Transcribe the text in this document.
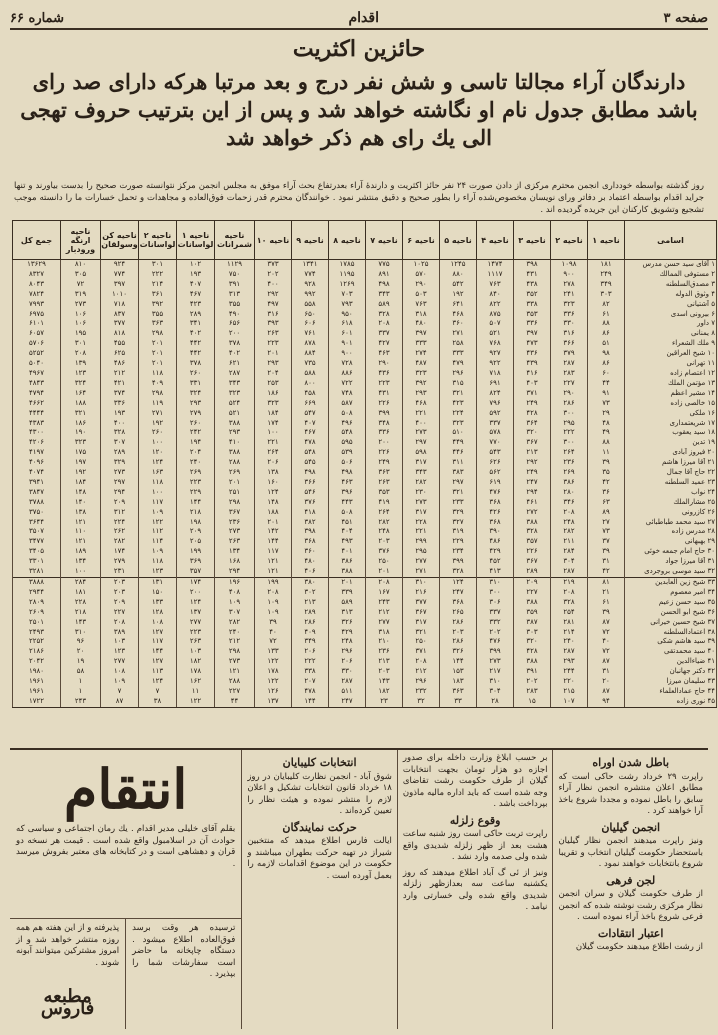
صفحه ۳
اقدام
شماره ۶۶
حائزین اکثریت
دارندگان آراء مجالتا تاسی و شش نفر درج و بعد مرتبا هرکه دارای صد رای باشد مطابق جدول نام او نگاشته خواهد شد و پس از این بترتیب حروف تهجی الی یك رای هم ذکر خواهد شد
روز گذشته بواسطه خودداری انجمن محترم مرکزی از دادن صورت ۲۴ نفر حائز اکثریت و دارندهٔ آراء بعدرتفاع بحث آراء موفق به مجلس انجمن مرکز نتوانسته صورت صحیح را بدست بیاورند و تنها جراید اقدام بواسطه اعتماد بر دفاتر ورای نویسان مخصوص‌شده آراء را بطور صحیح و دقیق منتشر نمود . خوانندگان محترم قدر زحمات فوق‌العاده و مجاهدات و تحمل خسارات ما را دانسته موجب تشجیع وتشویق کارکنان این جریده گردیده اند .
اسامی	ناحیه ۱	ناحیه ۲	ناحیه ۳	ناحیه ۴	ناحیه ۵	ناحیه ۶	ناحیه ۷	ناحیه ۸	ناحیه ۹	ناحیه ۱۰	ناحیه شمرانات	ناحیه ۱ لواسانات	ناحیه ۲ لواسانات	ناحیه کن وسولقان	ناحیه ارنگه ورودبار	جمع کل
۱ آقای سید حسن مدرس	۱۸۱	۱۰۹۸	۳۹۸	۱۴۷۴	۱۲۴۵	۱۰۲۵	۷۷۵	۱۷۸۵	۱۳۴۱	۳۷۳	۱۱۲۹	۱۰۲	۳۰۱	۹۲۴	۸۱۰	۱۳۶۲۹
۲ مستوفی الممالك	۲۴۹	۹۰۰	۴۳۱	۱۱۱۷	۸۸۰	۵۷۰	۸۹۱	۱۱۹۵	۷۷۴	۲۰۲	۷۵۰	۱۹۳	۲۲۲	۷۷۴	۳۰۵	۸۳۲۷
۳ مصدق‌السلطنه	۳۴۹	۲۷۸	۴۳۸	۷۶۳	۵۴۲	۲۹۰	۴۹۸	۱۲۶۹	۹۲۸	۴۰۰	۳۹۱	۴۰۷	۲۱۴	۳۹۷	۷۲	۸۰۴۳
۴ وثوق الدوله	۳۰۳	۲۴۱	۳۵۲	۸۴۰	۱۹۲	۵۰۳	۳۴۳	۷۰۳	۹۹۲	۲۹۲	۳۱۳	۴۶۷	۳۶۱	۱۰۱۰	۳۱۹	۷۸۲۴
۵ آشتیانی	۸۲	۳۲۳	۳۳۸	۸۲۲	۶۴۱	۷۶۳	۵۸۹	۷۹۳	۵۵۸	۴۹۷	۳۵۵	۴۲۳	۳۹۲	۷۱۸	۲۷۳	۷۹۹۳
۶ بیرونی اسدی	۶۱	۳۳۶	۳۵۳	۸۷۵	۴۶۸	۳۱۸	۳۲۸	۹۵۰	۶۵۰	۳۱۶	۴۹۰	۲۸۹	۳۵۵	۸۳۷	۱۰۶	۶۹۷۵
۷ داور	۸۸	۳۳۰	۳۳۶	۵۰۷	۳۶۰	۴۸۰	۲۰۸	۶۱۸	۶۰۶	۳۹۳	۶۵۶	۳۴۱	۳۶۳	۳۷۷	۱۰۶	۶۱۰۱
۸ یمنانی	۸۶	۳۱۶	۳۹۷	۵۲۱	۲۷۱	۳۹۷	۳۳۷	۶۰۱	۷۶۱	۲۶۳	۲۰۰	۴۰۲	۲۹۸	۸۱۸	۱۹۵	۶۰۵۷
۹ ملك الشعراء	۵۱	۳۶۶	۴۷۳	۷۶۸	۲۵۸	۳۳۳	۴۲۷	۹۰۱	۸۷۸	۲۲۳	۳۷۸	۴۴۲	۲۰۱	۴۵۵	۳۰۱	۵۷۰۶
۱۰ شیخ العراقین	۹۸	۳۷۹	۴۳۶	۹۲۷	۳۳۳	۲۷۴	۴۶۳	۹۰۰	۸۸۴	۲۰۱	۴۰۲	۴۴۲	۲۰۱	۶۲۵	۲۰۸	۵۲۵۲
۱۱ تهرانی	۸۶	۲۸۷	۴۳۹	۹۲۲	۴۷۹	۴۸۷	۲۹۰	۷۲۸	۷۳۵	۲۹۳	۶۲۱	۳۷۸	۲۰۱	۴۸۶	۱۳۹	۵۰۴۰
۱۲ اعتصام زاده	۶۰	۲۸۳	۴۱۶	۷۱۸	۲۹۶	۳۲۳	۴۳۶	۸۸۶	۵۸۸	۲۰۴	۲۸۷	۲۶۰	۱۱۸	۲۱۲	۱۲۳	۴۹۶۷
۱۳ مؤتمن الملك	۴۴	۲۲۷	۴۰۳	۶۹۱	۳۱۵	۳۹۲	۲۲۳	۷۲۲	۸۰۰	۲۵۳	۳۴۳	۳۳۱	۴۰۹	۴۲۱	۳۲۴	۴۸۴۳
۱۴ مشیر اعظم	۹۱	۲۹۰	۳۷۱	۸۲۴	۳۲۱	۲۹۳	۴۳۱	۷۴۸	۴۵۸	۱۸۶	۳۲۳	۳۲۴	۲۹۸	۳۷۴	۱۶۴	۴۷۹۴
۱۵ خالصی زاده	۷۳	۲۸۶	۲۴۹	۷۹۶	۴۲۳	۴۶۸	۲۲۶	۵۸۷	۶۶۹	۳۲۳	۵۲۴	۲۹۳	۱۱۹	۳۳۶	۱۸۸	۴۶۶۲
۱۶ ملکی	۲۹	۳۰۰	۴۲۸	۵۹۲	۲۲۴	۲۲۱	۳۹۹	۵۰۸	۵۴۷	۱۸۴	۵۲۱	۲۷۹	۲۷۱	۱۹۳	۳۲۱	۴۴۴۴
۱۷ شریعتمداری	۴۸	۲۹۵	۳۶۴	۳۳۷	۳۲۳	۴۰۰	۳۴۸	۴۹۶	۴۰۷	۱۷۴	۳۸۸	۲۶۰	۱۹۲	۴۰۰	۱۸۶	۴۳۸۳
۱۸ سید یعقوب	۴۹	۲۲۲	۳۲۰	۵۷۸	۵۱۰	۲۷۳	۳۳۶	۵۴۸	۴۶۷	۱۰۰	۲۹۳	۲۴۲	۲۶۰	۳۲۸	۱۹۰	۴۳۰۰
۱۹ تدین	۸۸	۳۰۰	۳۶۷	۷۷۰	۴۴۹	۲۹۷	۲۰۰	۵۹۵	۴۷۸	۲۲۱	۴۱۰	۱۹۴	۱۰۰	۳۰۷	۳۲۳	۴۲۰۶
۲۰ فیروز آبادی	۱۱	۲۶۴	۲۱۳	۵۴۳	۴۴۶	۵۹۸	۲۲۶	۵۳۹	۵۴۸	۲۶۴	۳۸۸	۲۰۴	۱۲۰	۲۸۹	۱۷۵	۴۱۹۷
۲۱ آقا میرزا هاشم	۳۹	۲۳۶	۲۹۲	۶۲۶	۳۱۱	۳۱۷	۲۴۹	۵۰۶	۵۴۵	۲۰۶	۲۸۸	۲۴۰	۱۲۴	۳۲۹	۱۹۷	۴۰۹۶
۲۲ حاج آقا جمال	۳۵	۲۶۹	۲۴۹	۵۶۲	۳۸۳	۳۴۳	۳۶۳	۴۹۸	۴۹۸	۱۳۸	۲۶۹	۲۶۹	۱۶۳	۲۷۳	۱۹۲	۴۰۷۴
۲۳ عمید السلطنه	۴۲	۳۸۶	۲۴۷	۶۱۹	۲۹۷	۲۸۲	۲۶۳	۴۶۳	۳۶۶	۱۶۰	۲۰۱	۲۲۳	۱۱۸	۲۹۷	۱۸۴	۳۹۴۱
۲۴ نواب	۳۶	۲۸۰	۲۹۴	۴۷۶	۳۲۱	۲۳۰	۳۵۳	۳۹۶	۵۴۶	۱۲۴	۲۵۱	۲۲۹	۱۰۰	۲۹۴	۱۴۸	۳۸۴۷
۲۵ مشارالملك	۶۳	۳۴۶	۴۶۱	۳۶۸	۲۳۳	۲۷۳	۴۱۹	۴۴۳	۳۷۶	۱۴۸	۲۹۸	۱۴۴	۱۱۷	۲۰۹	۱۴۰	۳۷۸۸
۲۶ کازرونی	۸۹	۲۰۸	۲۷۲	۴۲۶	۳۲۹	۳۱۷	۲۶۴	۵۰۸	۴۱۸	۱۸۸	۳۶۷	۲۱۸	۱۰۹	۳۱۲	۱۳۸	۳۷۵۰
۲۷ سید محمد طباطبائی	۲۷	۲۴۸	۳۸۸	۳۶۸	۳۲۷	۲۲۸	۲۸۲	۴۵۱	۳۸۲	۲۰۱	۲۳۶	۱۹۸	۱۲۲	۲۲۴	۱۲۱	۳۶۴۴
۲۸ مدرس زاده	۷۳	۲۸۲	۳۲۸	۳۹۰	۳۱۹	۲۲۱	۲۴۸	۴۰۴	۳۹۸	۱۴۲	۲۷۳	۲۰۹	۱۱۲	۲۶۲	۱۱۰	۳۵۰۷
۲۹ بهبهانی	۳۷	۲۱۱	۳۵۷	۴۸۶	۲۲۹	۲۹۹	۲۰۳	۴۹۳	۳۶۸	۱۴۴	۲۶۳	۲۰۵	۱۱۴	۲۸۲	۱۲۱	۳۴۷۷
۳۰ حاج امام جمعه خوئی	۳۹	۲۸۴	۲۲۶	۴۲۹	۲۳۴	۲۹۵	۳۷۶	۴۰۱	۳۶۰	۱۱۷	۱۳۴	۱۹۹	۱۰۹	۱۷۴	۱۸۹	۳۴۰۵
۳۱ آقا میرزا جواد	۳۱	۳۰۴	۳۶۷	۴۵۲	۳۹۹	۲۷۷	۲۵۰	۳۸۶	۴۸۰	۱۲۱	۱۶۸	۳۶۹	۱۱۸	۲۷۹	۱۳۴	۳۳۰۱
۳۲ سید موسی بروجردی	۴۲	۲۸۷	۲۸۹	۴۱۳	۳۲۸	۲۷۱	۲۰۱	۳۸۸	۴۰۶	۱۲۱	۲۹۴	۳۵۷	۱۲۳	۲۳۱	۱۰۰	۳۲۸۱
۳۳ شیخ زین العابدین	۸۱	۲۱۹	۲۰۹	۳۱۰	۱۲۴	۳۱۰	۲۰۸	۲۰۱	۳۸۰	۱۹۹	۱۹۶	۱۷۴	۱۳۱	۲۰۳	۲۸۴	۳۸۸۸
۳۴ امیر معصوم	۲۱	۲۰۸	۲۲۷	۳۰۰	۲۴۷	۲۱۶	۱۶۷	۳۳۹	۳۰۲	۲۰۸	۴۰۸	۲۰۰	۱۵۰	۲۰۳	۱۸۱	۲۹۴۴
۳۵ سید حسن زعیم	۶۱	۳۲۸	۳۸۸	۳۰۶	۳۶۸	۳۷۷	۲۴۳	۵۸۹	۲۱۳	۱۰۹	۱۰۹	۱۲۴	۱۳۳	۲۰۹	۲۲۸	۲۸۰۹
۳۶ شیخ ابو الحسن	۳۹	۲۵۴	۳۵۹	۳۳۷	۲۶۵	۳۶۷	۲۱۲	۳۱۳	۲۸۹	۱۰۹	۳۰۷	۱۳۷	۱۲۸	۲۲۷	۲۱۸	۲۶۰۹
۳۷ شیخ حسین خیرانی	۸۷	۲۸۱	۳۸۷	۳۳۲	۲۸۶	۳۱۷	۲۷۷	۳۲۶	۲۸۶	۳۹	۲۸۲	۲۷۷	۱۰۸	۲۰۸	۱۴۳	۲۵۰۱
۳۸ اعتمادالسلطنه	۷۲	۲۱۴	۳۰۳	۲۰۲	۲۰۳	۳۲۱	۳۱۸	۴۲۹	۴۰۹	۴۰	۲۴۰	۲۲۳	۱۲۷	۳۸۹	۳۱۰	۲۴۹۳
۳۹ سید هاشم شکی	۴۰	۲۴۰	۳۲۰	۴۷۶	۲۸۶	۲۵۰	۲۱۰	۲۴۸	۳۴۹	۷۲	۲۱۲	۲۶۳	۱۱۷	۱۰۳	۹۶	۲۲۵۲
۴۰ سید محمدتقی	۷۲	۲۸۷	۴۲۸	۳۹۹	۳۲۶	۳۷۱	۲۳۶	۲۹۶	۲۰۶	۱۳۳	۲۹۸	۱۰۳	۱۴۴	۱۲۳	۲۰	۲۱۸۶
۴۱ ضیاءالدین	۸۷	۲۹۳	۳۸۸	۲۷۳	۱۴۴	۲۰۸	۲۱۳	۲۰۶	۲۲۲	۱۲۲	۲۷۳	۱۸۲	۱۲۷	۲۷۷	۱۹	۲۰۴۲
۴۲ دکتر جهانبان	۳۱	۲۴۴	۳۹۱	۲۱۷	۱۵۳	۲۱۲	۲۰۳	۳۳۰	۳۳۸	۱۷۸	۱۲۱	۱۷۸	۱۱۳	۱۰۸	۵۸	۱۹۸۰
۴۳ سلیمان میرزا	۲۰	۲۲۰	۲۰۲	۳۱۰	۱۸۳	۲۹۶	۱۴۳	۲۸۷	۲۰۷	۱۲۲	۲۸۸	۱۶۲	۱۲۴	۱۰۹	۱	۱۹۶۱
۴۴ حاج عمادالعلماء	۸۷	۲۱۵	۲۸۳	۳۰۴	۳۶۳	۲۳۲	۱۸۲	۵۱۱	۴۷۸	۱۲۶	۲۲۷	۱۱	۷	۷	۱	۱۹۶۱
۴۵ نوری زاده	۹۴	۱۰۷	۱۵	۲۸	۳۳	۳۲	۲۳	۲۴۷	۱۴۴	۱۳۷	۴۴	۱۲۲	۳۸	۸۷	۲۴۳	۱۷۲۲
باطل شدن اوراه

راپرت ۲۹ خرداد رشت حاکی است که مطابق اعلان منتشره انجمن نظار آراء سابق را باطل نموده و مجددا شروع باخذ آرا خواهند کرد .

انجمن گیلیان

ونیز راپرت میدهند انجمن نظار گیلیان باستحضار حکومت گیلیان انتخاب و تقریبا شروع بانتخابات خواهند نمود .

لجن فرهی

از طرف حکومت گیلان و سران انجمن نظار مرکزی رشت نوشته شده که انجمن فرعی شروع باخذ آراء نموده است .

اعتبار انتقادات

از رشت اطلاع میدهند حکومت گیلان

بر حسب ابلاغ وزارت داخله برای صدور اجازه دو هزار تومان بجهت انتخابات گیلان از طرف حکومت رشت تقاضای وجه شده است که باید اداره مالیه ماذون بپرداخت باشد .

وقوع زلزله

راپرت تربت حاکی است روز شنبه ساعت هشت بعد از ظهر زلزله شدیدی واقع شده ولی صدمه وارد نشد .

ونیز از ئی گ آباد اطلاع میدهند که روز یکشنبه ساعت سه بعدازظهر زلزله شدیدی واقع شده ولی خسارتی وارد نیامد .

انتخابات کلیبایان

شوق آباد - انجمن نظارت کلیبایان در روز ۱۸ خرداد قانون انتخابات تشکیل و اعلان لازم را منتشر نموده و هیئت نظار را تعیین کرده‌اند .

حرکت نمایندگان

ایالت فارس اطلاع میدهد که منتخبین شیراز در تهیه حرکت بطهران میباشند و حکومت در این موضوع اقدامات لازمه را بعمل آورده است .

انتقام

بقلم آقای خلیلی مدیر اقدام . یك رمان اجتماعی و سیاسی که حوادث آن در اسلامبول واقع شده است . قیمت هر نسخه دو قران و دهشاهی است و در کتابخانه های معتبر بفروش میرسد .

ترسیده هر وقت برسد فوق‌العاده اطلاع میشود . دستگاه چاپخانه ما حاضر است سفارشات شما را بپذیرد .
پذیرفته و از این هفته هم همه روزه منتشر خواهد شد و از امروز مشترکین میتوانند آبونه شوند .
مطبعه فاروس
